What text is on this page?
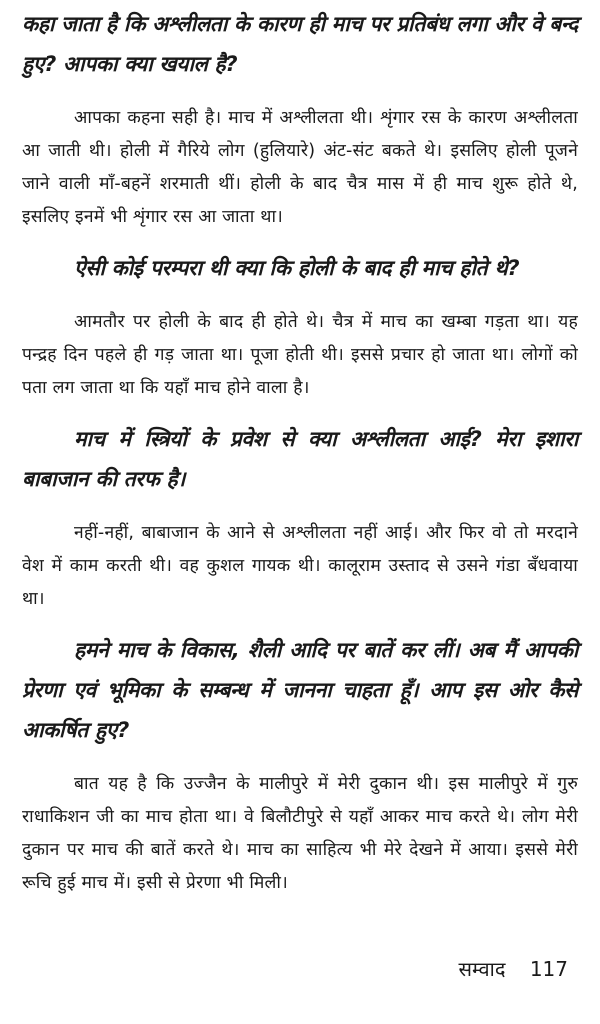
कहा जाता है कि अश्लीलता के कारण ही माच पर प्रतिबंध लगा और वे बन्द हुए? आपका क्या खयाल है?

आपका कहना सही है। माच में अश्लीलता थी। शृंगार रस के कारण अश्लीलता आ जाती थी। होली में गैरिये लोग (हुलियारे) अंट-संट बकते थे। इसलिए होली पूजने जाने वाली माँ-बहनें शरमाती थीं। होली के बाद चैत्र मास में ही माच शुरू होते थे, इसलिए इनमें भी शृंगार रस आ जाता था।

ऐसी कोई परम्परा थी क्या कि होली के बाद ही माच होते थे?

आमतौर पर होली के बाद ही होते थे। चैत्र में माच का खम्बा गड़ता था। यह पन्द्रह दिन पहले ही गड़ जाता था। पूजा होती थी। इससे प्रचार हो जाता था। लोगों को पता लग जाता था कि यहाँ माच होने वाला है।

माच में स्त्रियों के प्रवेश से क्या अश्लीलता आई? मेरा इशारा बाबाजान की तरफ है।

नहीं-नहीं, बाबाजान के आने से अश्लीलता नहीं आई। और फिर वो तो मरदाने वेश में काम करती थी। वह कुशल गायक थी। कालूराम उस्ताद से उसने गंडा बँधवाया था।

हमने माच के विकास, शैली आदि पर बातें कर लीं। अब मैं आपकी प्रेरणा एवं भूमिका के सम्बन्ध में जानना चाहता हूँ। आप इस ओर कैसे आकर्षित हुए?

बात यह है कि उज्जैन के मालीपुरे में मेरी दुकान थी। इस मालीपुरे में गुरु राधाकिशन जी का माच होता था। वे बिलौटीपुरे से यहाँ आकर माच करते थे। लोग मेरी दुकान पर माच की बातें करते थे। माच का साहित्य भी मेरे देखने में आया। इससे मेरी रूचि हुई माच में। इसी से प्रेरणा भी मिली।

सम्वाद 117
